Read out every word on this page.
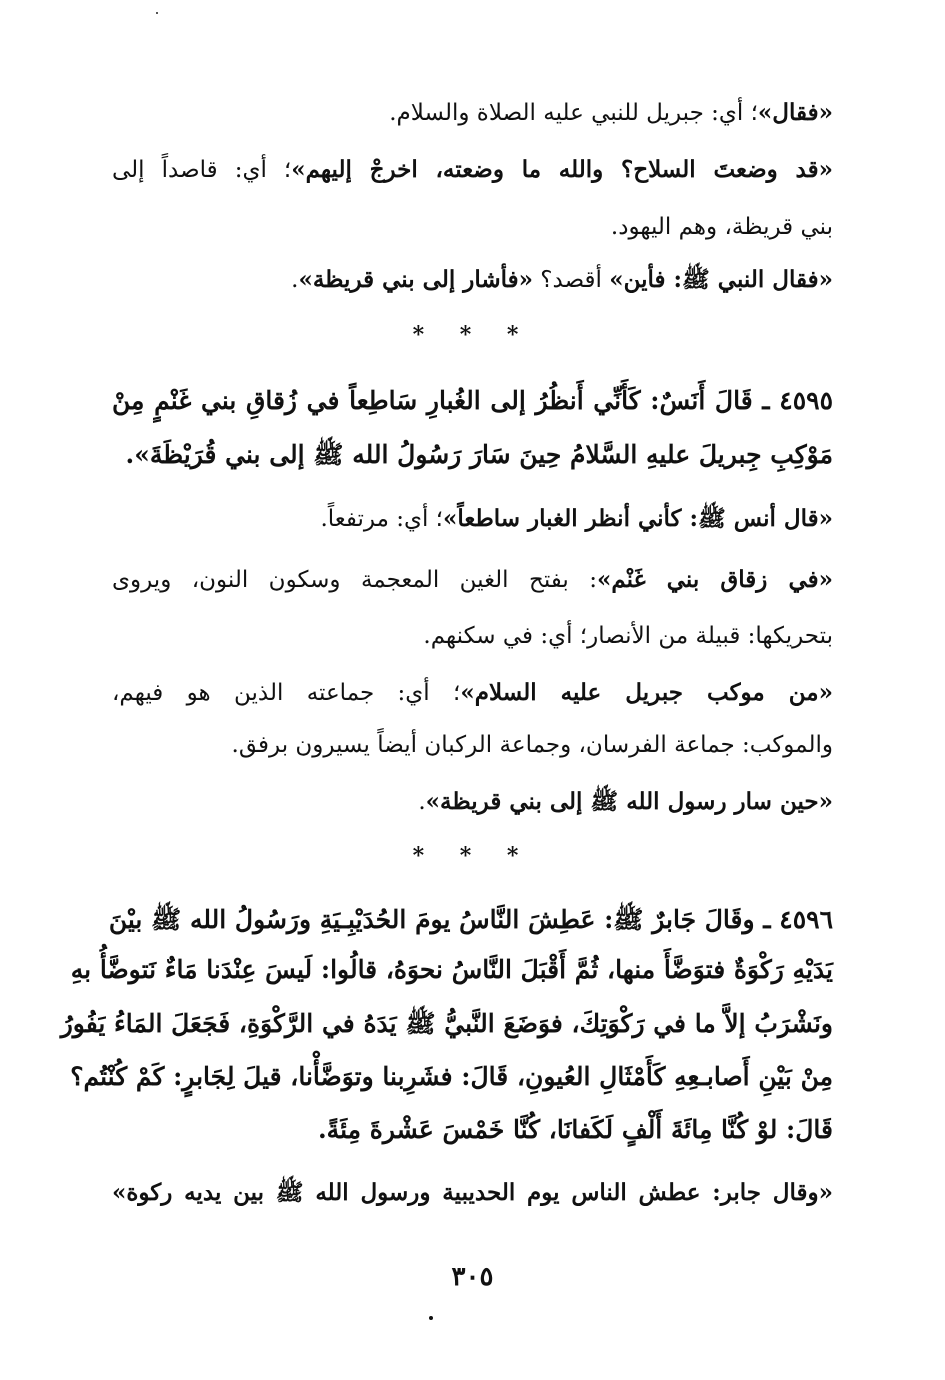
«فقال»؛ أي: جبريل للنبي عليه الصلاة والسلام.
«قد وضعتَ السلاح؟ والله ما وضعته، اخرجْ إليهم»؛ أي: قاصداً إلى
بني قريظة، وهم اليهود.
«فقال النبي ﷺ: فأين» أقصد؟ «فأشار إلى بني قريظة».
* * *
٤٥٩٥ ـ قَالَ أَنَسٌ: كَأَنِّي أَنظُرُ إلى الغُبارِ سَاطِعاً في زُقاقِ بني غَنْمٍ مِنْ
مَوْكِبِ جِبريلَ عليهِ السَّلامُ حِينَ سَارَ رَسُولُ الله ﷺ إلى بني قُرَيْظَةَ».
«قال أنس ﷺ: كأني أنظر الغبار ساطعاً»؛ أي: مرتفعاً.
«في زقاق بني غَنْم»: بفتح الغين المعجمة وسكون النون، ويروى
بتحريكها: قبيلة من الأنصار؛ أي: في سكنهم.
«من موكب جبريل عليه السلام»؛ أي: جماعته الذين هو فيهم،
والموكب: جماعة الفرسان، وجماعة الركبان أيضاً يسيرون برفق.
«حين سار رسول الله ﷺ إلى بني قريظة».
* * *
٤٥٩٦ ـ وقَالَ جَابرٌ ﷺ: عَطِشَ النَّاسُ يومَ الحُدَيْبِـيَةِ ورَسُولُ الله ﷺ بيْنَ
يَدَيْهِ رَكْوَةٌ فتوَضَّأَ منها، ثُمَّ أَقْبَلَ النَّاسُ نحوَهُ، قالُوا: لَيسَ عِنْدَنا مَاءٌ نَتوضَّأُ بهِ
ونَشْرَبُ إلاَّ ما في رَكْوَتِكَ، فوَضَعَ النَّبيُّ ﷺ يَدَهُ في الرَّكْوَةِ، فَجَعَلَ المَاءُ يَفُورُ
مِنْ بَيْنِ أَصابـعِهِ كَأَمْثَالِ العُيونِ، قَالَ: فشَرِبنا وتوَضَّأْنا، قيلَ لِجَابرٍ: كَمْ كُنْتُم؟
قَالَ: لوْ كُنَّا مِائَةَ أَلْفٍ لَكَفانَا، كُنَّا خَمْسَ عَشْرةَ مِئَةً.
«وقال جابر: عطش الناس يوم الحديبية ورسول الله ﷺ بين يديه ركوة»
٣٠٥
